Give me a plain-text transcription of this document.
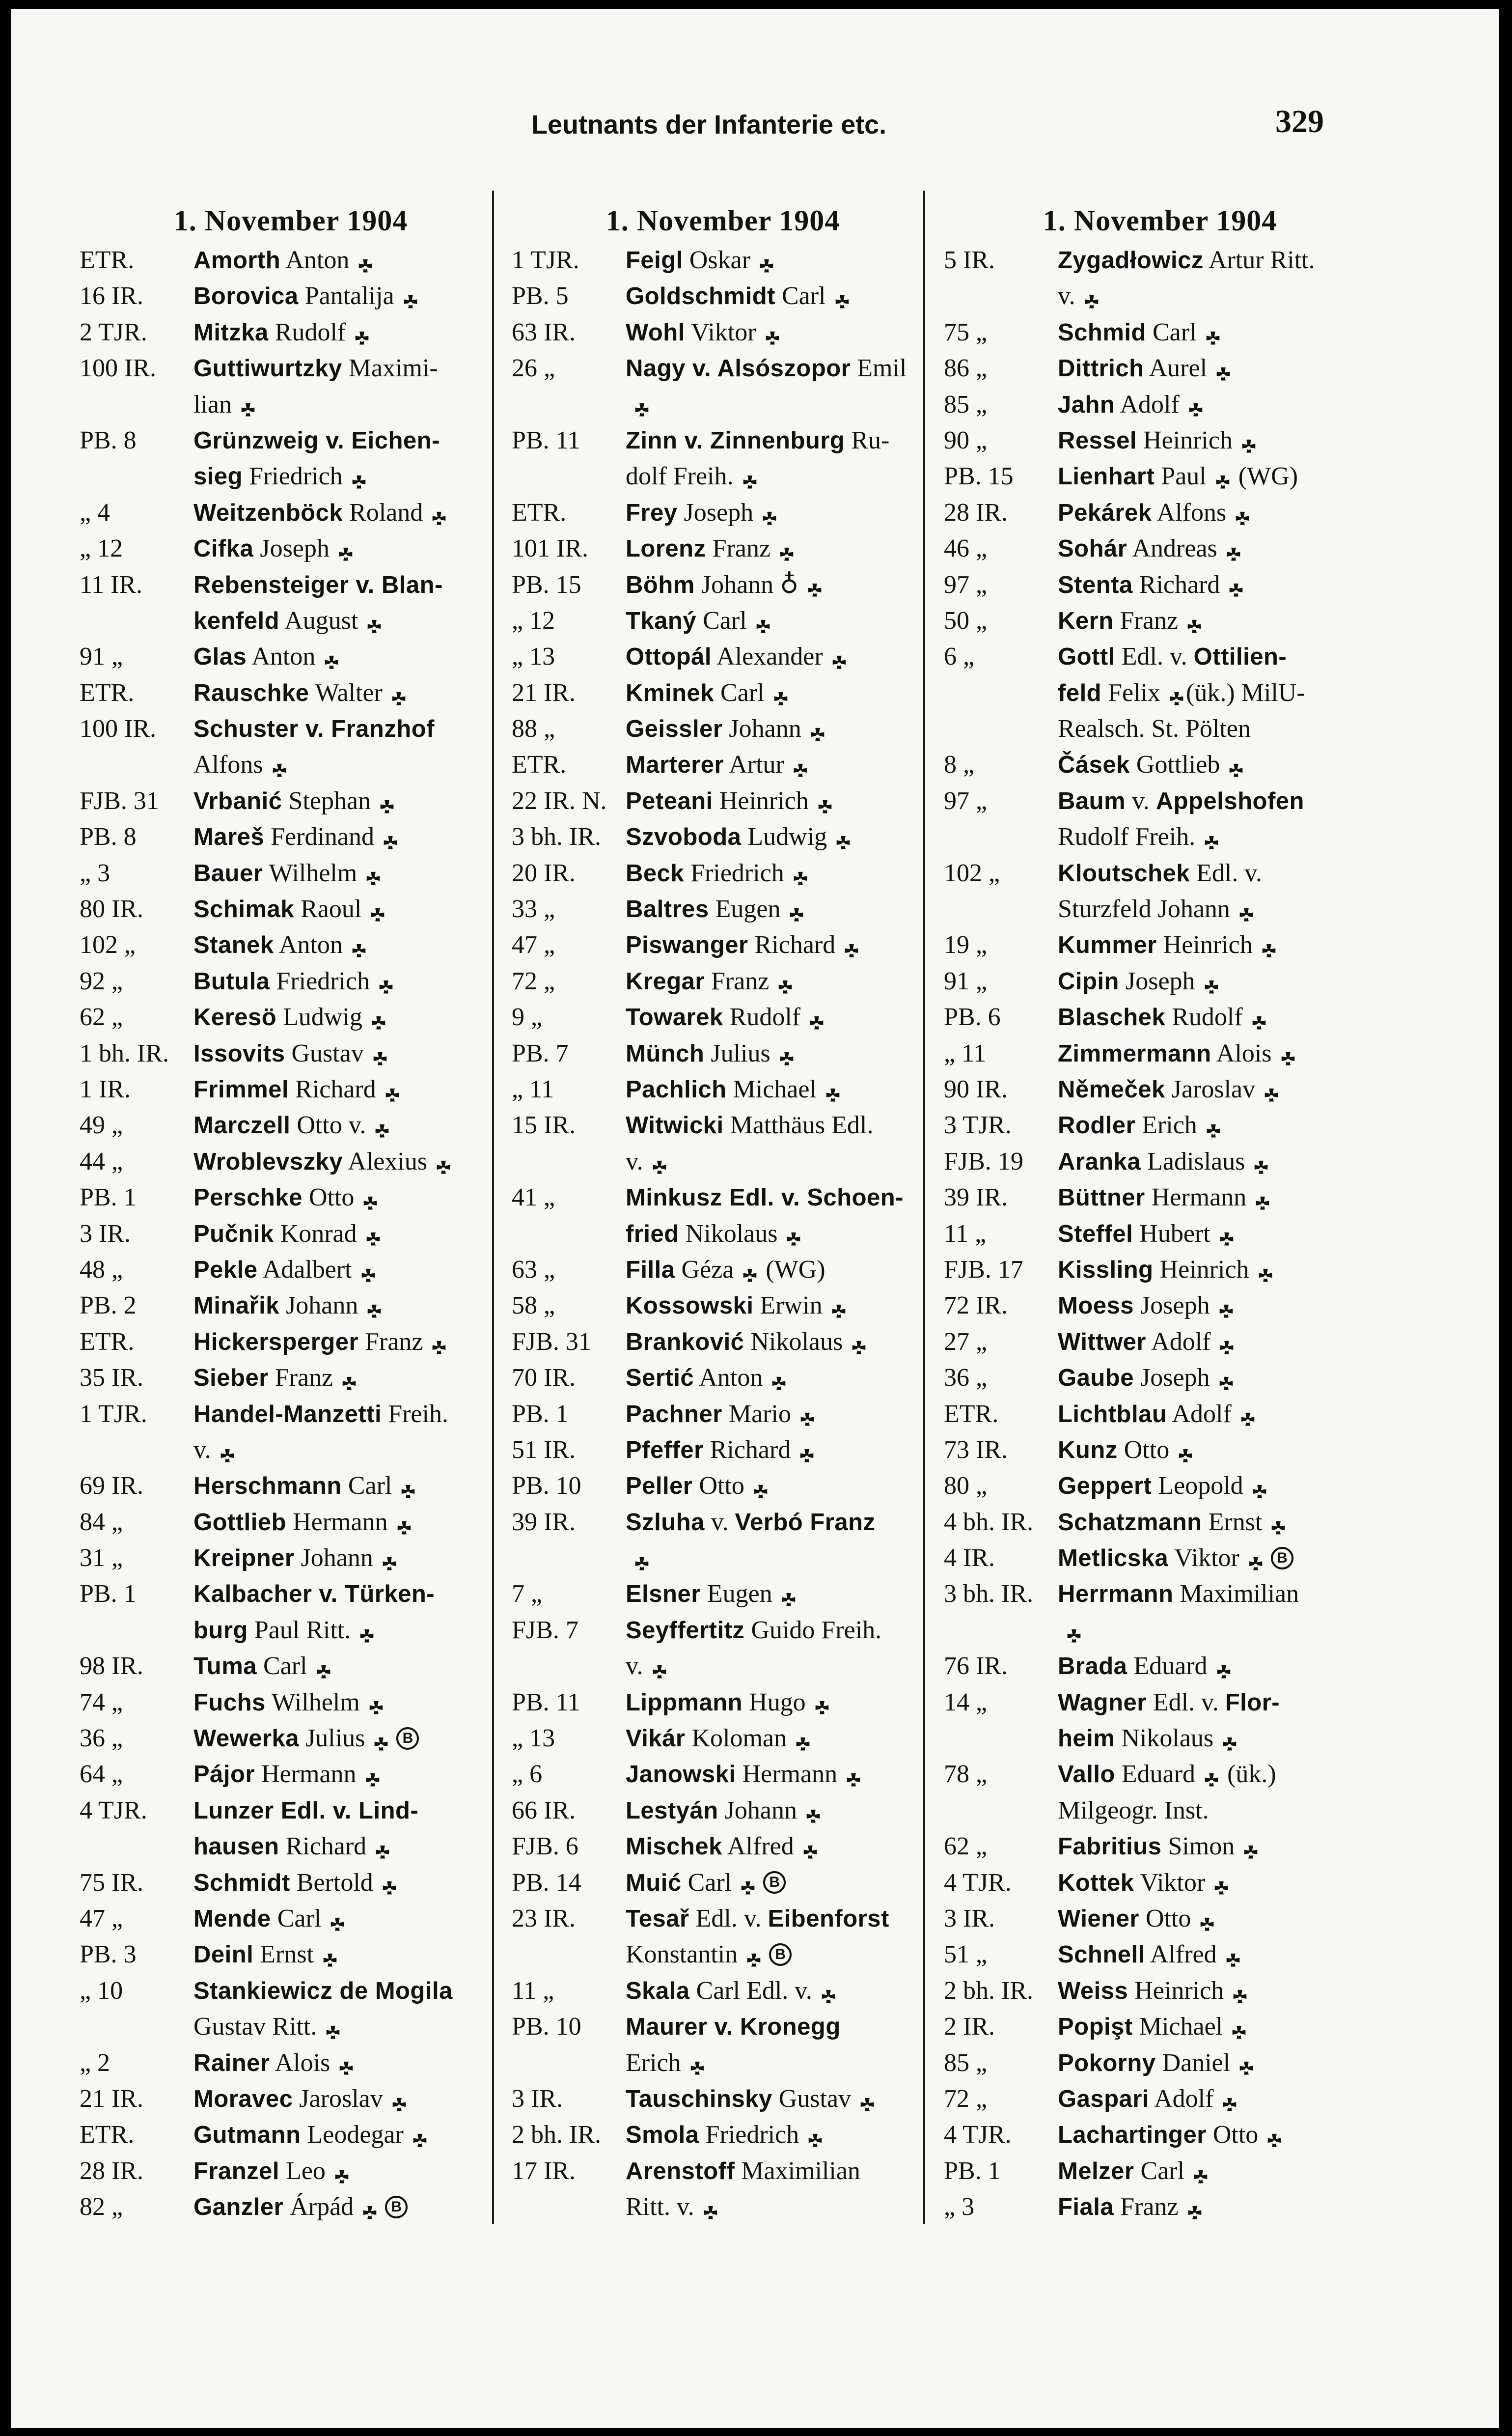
Leutnants der Infanterie etc.	329
1. November 1904
ETR.	Amorth Anton
16 IR.	Borovica Pantalija
2 TJR.	Mitzka Rudolf
100 IR.	Guttiwurtzky Maximi-
lian
PB. 8	Grünzweig v. Eichen-
sieg Friedrich
„ 4	Weitzenböck Roland
„ 12	Cifka Joseph
11 IR.	Rebensteiger v. Blan-
kenfeld August
91 „	Glas Anton
ETR.	Rauschke Walter
100 IR.	Schuster v. Franzhof
Alfons
FJB. 31	Vrbanić Stephan
PB. 8	Mareš Ferdinand
„ 3	Bauer Wilhelm
80 IR.	Schimak Raoul
102 „	Stanek Anton
92 „	Butula Friedrich
62 „	Keresö Ludwig
1 bh. IR.	Issovits Gustav
1 IR.	Frimmel Richard
49 „	Marczell Otto v.
44 „	Wroblevszky Alexius
PB. 1	Perschke Otto
3 IR.	Pučnik Konrad
48 „	Pekle Adalbert
PB. 2	Minařik Johann
ETR.	Hickersperger Franz
35 IR.	Sieber Franz
1 TJR.	Handel-Manzetti Freih.
v.
69 IR.	Herschmann Carl
84 „	Gottlieb Hermann
31 „	Kreipner Johann
PB. 1	Kalbacher v. Türken-
burg Paul Ritt.
98 IR.	Tuma Carl
74 „	Fuchs Wilhelm
36 „	Wewerka Julius	B
64 „	Pájor Hermann
4 TJR.	Lunzer Edl. v. Lind-
hausen Richard
75 IR.	Schmidt Bertold
47 „	Mende Carl
PB. 3	Deinl Ernst
„ 10	Stankiewicz de Mogila
Gustav Ritt.
„ 2	Rainer Alois
21 IR.	Moravec Jaroslav
ETR.	Gutmann Leodegar
28 IR.	Franzel Leo
82 „	Ganzler Árpád	B
1. November 1904
1 TJR.	Feigl Oskar
PB. 5	Goldschmidt Carl
63 IR.	Wohl Viktor
26 „	Nagy v. Alsószopor Emil
PB. 11	Zinn v. Zinnenburg Ru-
dolf Freih.
ETR.	Frey Joseph
101 IR.	Lorenz Franz
PB. 15	Böhm Johann ♁
„ 12	Tkaný Carl
„ 13	Ottopál Alexander
21 IR.	Kminek Carl
88 „	Geissler Johann
ETR.	Marterer Artur
22 IR. N. Peteani Heinrich
3 bh. IR.	Szvoboda Ludwig
20 IR.	Beck Friedrich
33 „	Baltres Eugen
47 „	Piswanger Richard
72 „	Kregar Franz
9 „	Towarek Rudolf
PB. 7	Münch Julius
„ 11	Pachlich Michael
15 IR.	Witwicki Matthäus Edl.
v.
41 „	Minkusz Edl. v. Schoen-
fried Nikolaus
63 „	Filla Géza (WG)
58 „	Kossowski Erwin
FJB. 31	Branković Nikolaus
70 IR.	Sertić Anton
PB. 1	Pachner Mario
51 IR.	Pfeffer Richard
PB. 10	Peller Otto
39 IR.	Szluha v. Verbó Franz
7 „	Elsner Eugen
FJB. 7	Seyffertitz Guido Freih.
v.
PB. 11	Lippmann Hugo
„ 13	Vikár Koloman
„ 6	Janowski Hermann
66 IR.	Lestyán Johann
FJB. 6	Mischek Alfred
PB. 14	Muić Carl	B
23 IR.	Tesař Edl. v. Eibenforst
Konstantin	B
11 „	Skala Carl Edl. v.
PB. 10	Maurer v. Kronegg
Erich
3 IR.	Tauschinsky Gustav
2 bh. IR.	Smola Friedrich
17 IR.	Arenstoff Maximilian
Ritt. v.
1. November 1904
5 IR.	Zygadłowicz Artur Ritt.
v.
75 „	Schmid Carl
86 „	Dittrich Aurel
85 „	Jahn Adolf
90 „	Ressel Heinrich
PB. 15	Lienhart Paul (WG)
28 IR.	Pekárek Alfons
46 „	Sohár Andreas
97 „	Stenta Richard
50 „	Kern Franz
6 „	Gottl Edl. v. Ottilien-
feld Felix (ük.) MilU-
Realsch. St. Pölten
8 „	Čásek Gottlieb
97 „	Baum v. Appelshofen
Rudolf Freih.
102 „	Kloutschek Edl. v.
Sturzfeld Johann
19 „	Kummer Heinrich
91 „	Cipin Joseph
PB. 6	Blaschek Rudolf
„ 11	Zimmermann Alois
90 IR.	Němeček Jaroslav
3 TJR.	Rodler Erich
FJB. 19	Aranka Ladislaus
39 IR.	Büttner Hermann
11 „	Steffel Hubert
FJB. 17	Kissling Heinrich
72 IR.	Moess Joseph
27 „	Wittwer Adolf
36 „	Gaube Joseph
ETR.	Lichtblau Adolf
73 IR.	Kunz Otto
80 „	Geppert Leopold
4 bh. IR.	Schatzmann Ernst
4 IR.	Metlicska Viktor	B
3 bh. IR.	Herrmann Maximilian
76 IR.	Brada Eduard
14 „	Wagner Edl. v. Flor-
heim Nikolaus
78 „	Vallo Eduard (ük.)
Milgeogr. Inst.
62 „	Fabritius Simon
4 TJR.	Kottek Viktor
3 IR.	Wiener Otto
51 „	Schnell Alfred
2 bh. IR.	Weiss Heinrich
2 IR.	Popişt Michael
85 „	Pokorny Daniel
72 „	Gaspari Adolf
4 TJR.	Lachartinger Otto
PB. 1	Melzer Carl
„ 3	Fiala Franz
